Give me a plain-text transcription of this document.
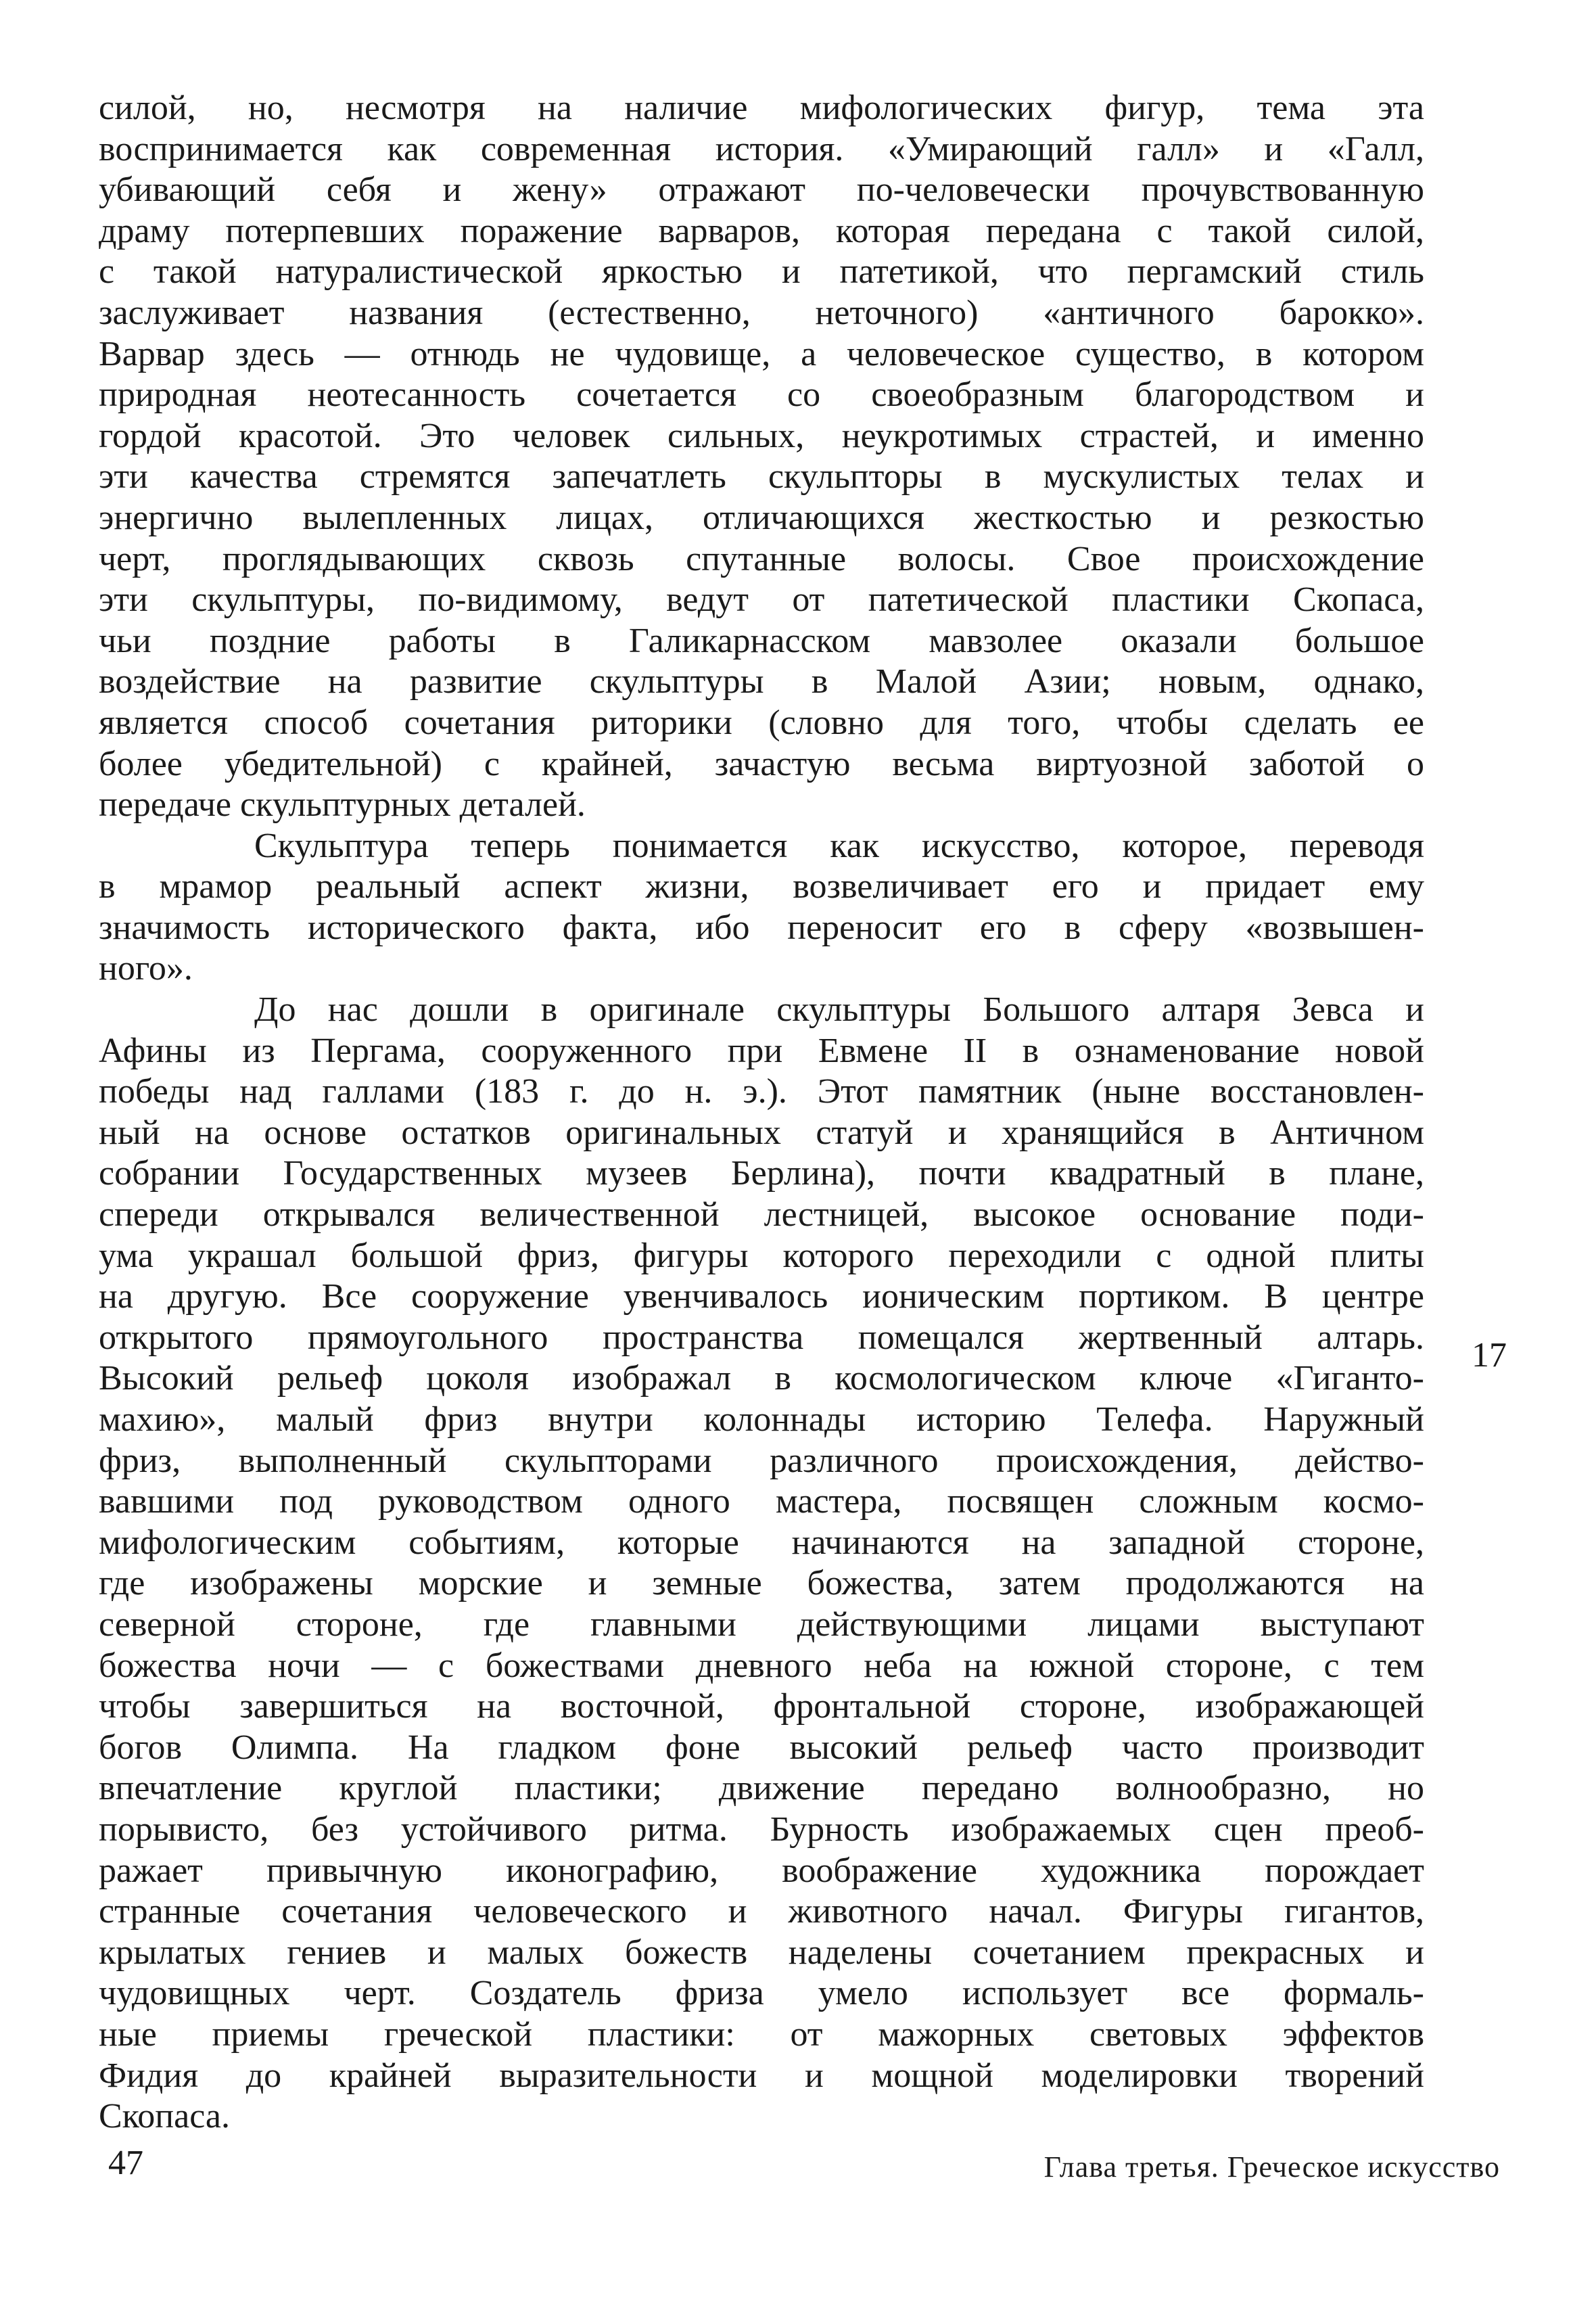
силой, но, несмотря на наличие мифологических фигур, тема эта
воспринимается как современная история. «Умирающий галл» и «Галл,
убивающий себя и жену» отражают по-человечески прочувствованную
драму потерпевших поражение варваров, которая передана с такой силой,
с такой натуралистической яркостью и патетикой, что пергамский стиль
заслуживает названия (естественно, неточного) «античного барокко».
Варвар здесь — отнюдь не чудовище, а человеческое существо, в котором
природная неотесанность сочетается со своеобразным благородством и
гордой красотой. Это человек сильных, неукротимых страстей, и именно
эти качества стремятся запечатлеть скульпторы в мускулистых телах и
энергично вылепленных лицах, отличающихся жесткостью и резкостью
черт, проглядывающих сквозь спутанные волосы. Свое происхождение
эти скульптуры, по-видимому, ведут от патетической пластики Скопаса,
чьи поздние работы в Галикарнасском мавзолее оказали большое
воздействие на развитие скульптуры в Малой Азии; новым, однако,
является способ сочетания риторики (словно для того, чтобы сделать ее
более убедительной) с крайней, зачастую весьма виртуозной заботой о
передаче скульптурных деталей.
Скульптура теперь понимается как искусство, которое, переводя
в мрамор реальный аспект жизни, возвеличивает его и придает ему
значимость исторического факта, ибо переносит его в сферу «возвышен-
ного».
До нас дошли в оригинале скульптуры Большого алтаря Зевса и
Афины из Пергама, сооруженного при Евмене II в ознаменование новой
победы над галлами (183 г. до н. э.). Этот памятник (ныне восстановлен-
ный на основе остатков оригинальных статуй и хранящийся в Античном
собрании Государственных музеев Берлина), почти квадратный в плане,
спереди открывался величественной лестницей, высокое основание поди-
ума украшал большой фриз, фигуры которого переходили с одной плиты
на другую. Все сооружение увенчивалось ионическим портиком. В центре
открытого прямоугольного пространства помещался жертвенный алтарь.
Высокий рельеф цоколя изображал в космологическом ключе «Гиганто-
махию», малый фриз внутри колоннады историю Телефа. Наружный
фриз, выполненный скульпторами различного происхождения, действо-
вавшими под руководством одного мастера, посвящен сложным космо-
мифологическим событиям, которые начинаются на западной стороне,
где изображены морские и земные божества, затем продолжаются на
северной стороне, где главными действующими лицами выступают
божества ночи — с божествами дневного неба на южной стороне, с тем
чтобы завершиться на восточной, фронтальной стороне, изображающей
богов Олимпа. На гладком фоне высокий рельеф часто производит
впечатление круглой пластики; движение передано волнообразно, но
порывисто, без устойчивого ритма. Бурность изображаемых сцен преоб-
ражает привычную иконографию, воображение художника порождает
странные сочетания человеческого и животного начал. Фигуры гигантов,
крылатых гениев и малых божеств наделены сочетанием прекрасных и
чудовищных черт. Создатель фриза умело использует все формаль-
ные приемы греческой пластики: от мажорных световых эффектов
Фидия до крайней выразительности и мощной моделировки творений
Скопаса.
17
47	Глава третья. Греческое искусство
